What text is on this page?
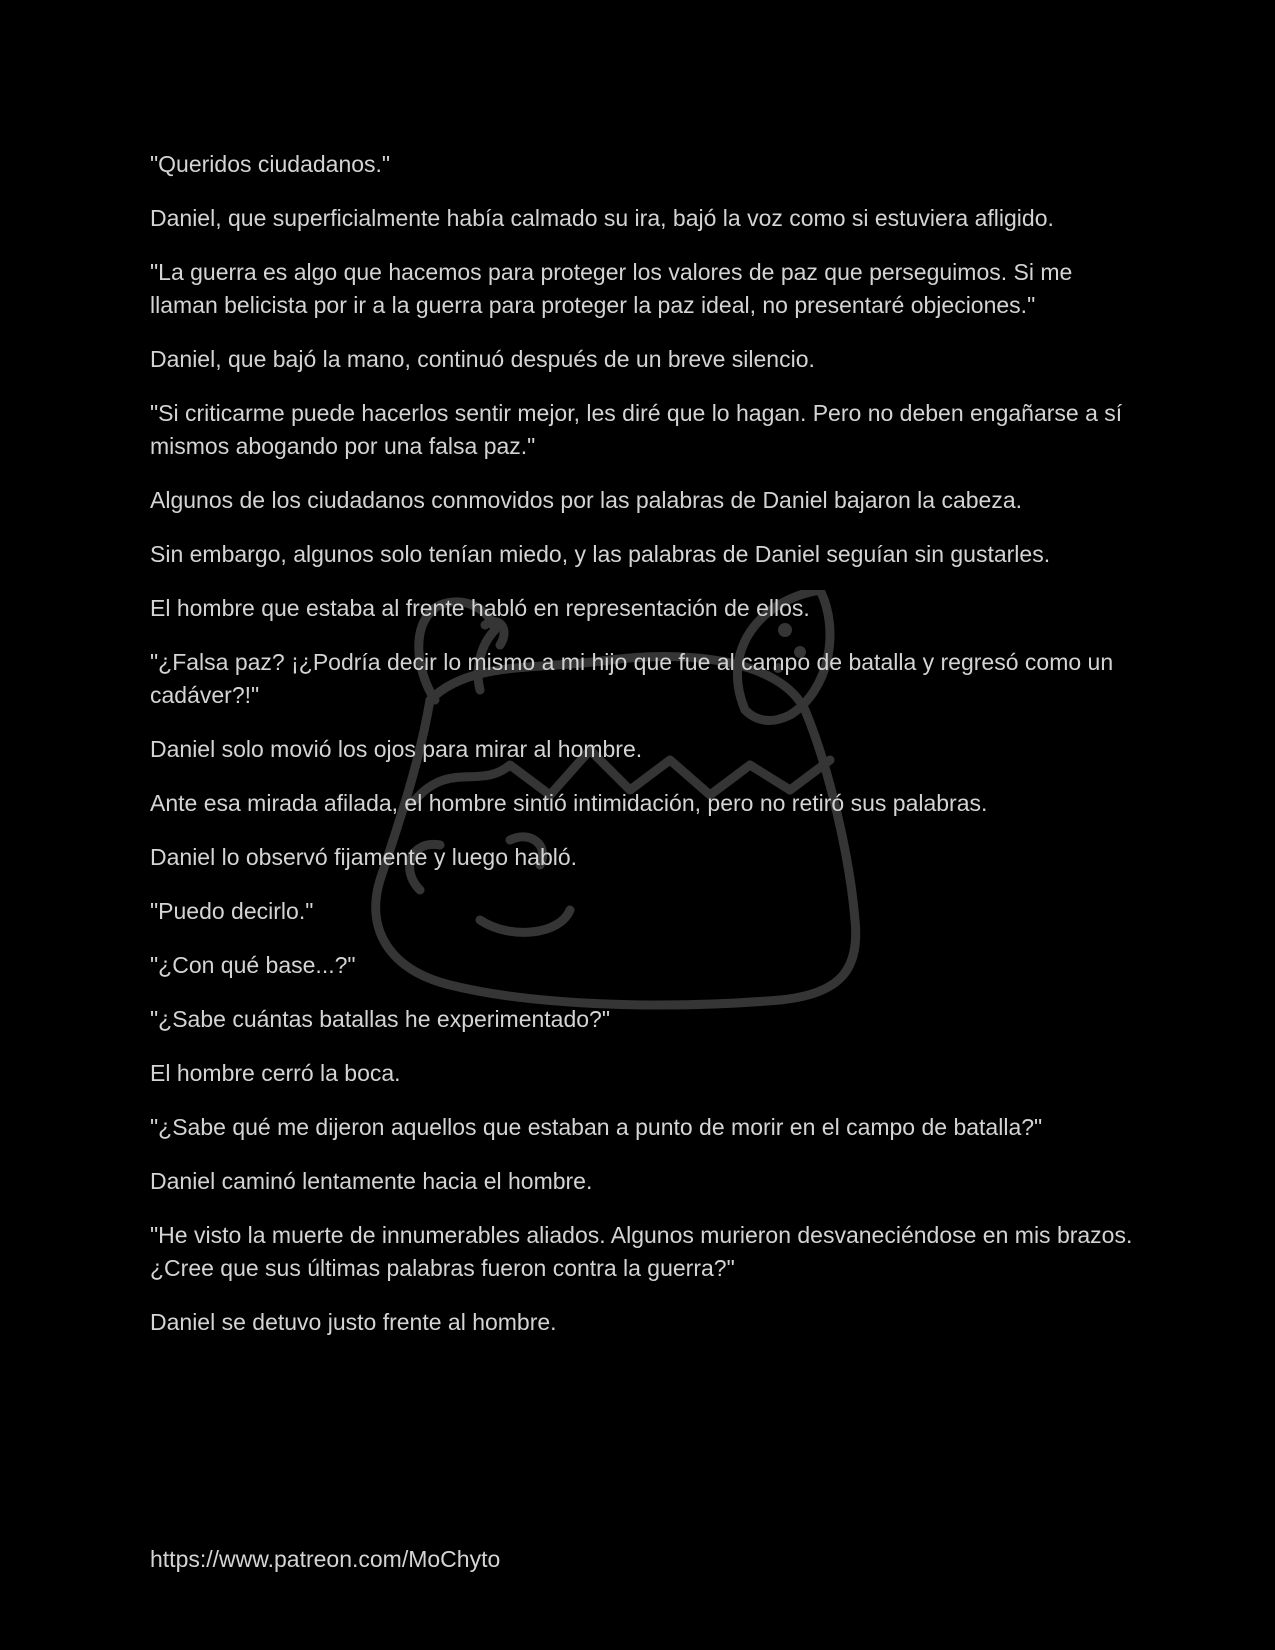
"Queridos ciudadanos."

Daniel, que superficialmente había calmado su ira, bajó la voz como si estuviera afligido.

"La guerra es algo que hacemos para proteger los valores de paz que perseguimos. Si me llaman belicista por ir a la guerra para proteger la paz ideal, no presentaré objeciones."

Daniel, que bajó la mano, continuó después de un breve silencio.

"Si criticarme puede hacerlos sentir mejor, les diré que lo hagan. Pero no deben engañarse a sí mismos abogando por una falsa paz."

Algunos de los ciudadanos conmovidos por las palabras de Daniel bajaron la cabeza.

Sin embargo, algunos solo tenían miedo, y las palabras de Daniel seguían sin gustarles.

El hombre que estaba al frente habló en representación de ellos.

"¿Falsa paz? ¡¿Podría decir lo mismo a mi hijo que fue al campo de batalla y regresó como un cadáver?!"

Daniel solo movió los ojos para mirar al hombre.

Ante esa mirada afilada, el hombre sintió intimidación, pero no retiró sus palabras.

Daniel lo observó fijamente y luego habló.

"Puedo decirlo."

"¿Con qué base...?"

"¿Sabe cuántas batallas he experimentado?"

El hombre cerró la boca.

"¿Sabe qué me dijeron aquellos que estaban a punto de morir en el campo de batalla?"

Daniel caminó lentamente hacia el hombre.

"He visto la muerte de innumerables aliados. Algunos murieron desvaneciéndose en mis brazos. ¿Cree que sus últimas palabras fueron contra la guerra?"

Daniel se detuvo justo frente al hombre.

https://www.patreon.com/MoChyto
